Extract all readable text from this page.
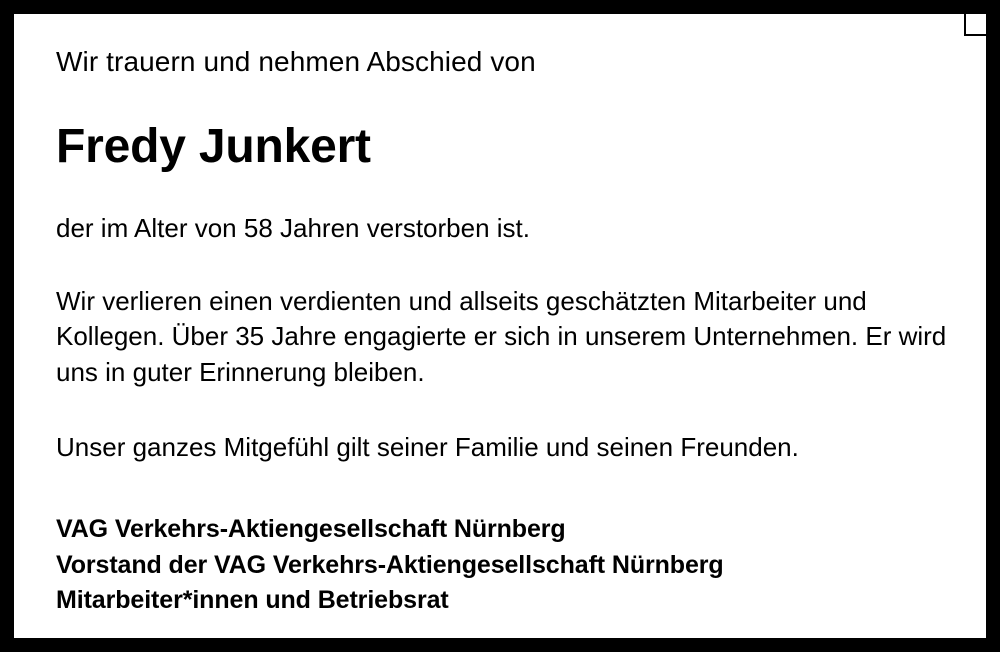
Wir trauern und nehmen Abschied von
Fredy Junkert
der im Alter von 58 Jahren verstorben ist.
Wir verlieren einen verdienten und allseits geschätzten Mitarbeiter und Kollegen. Über 35 Jahre engagierte er sich in unserem Unternehmen. Er wird uns in guter Erinnerung bleiben.
Unser ganzes Mitgefühl gilt seiner Familie und seinen Freunden.
VAG Verkehrs-Aktiengesellschaft Nürnberg
Vorstand der VAG Verkehrs-Aktiengesellschaft Nürnberg
Mitarbeiter*innen und Betriebsrat
